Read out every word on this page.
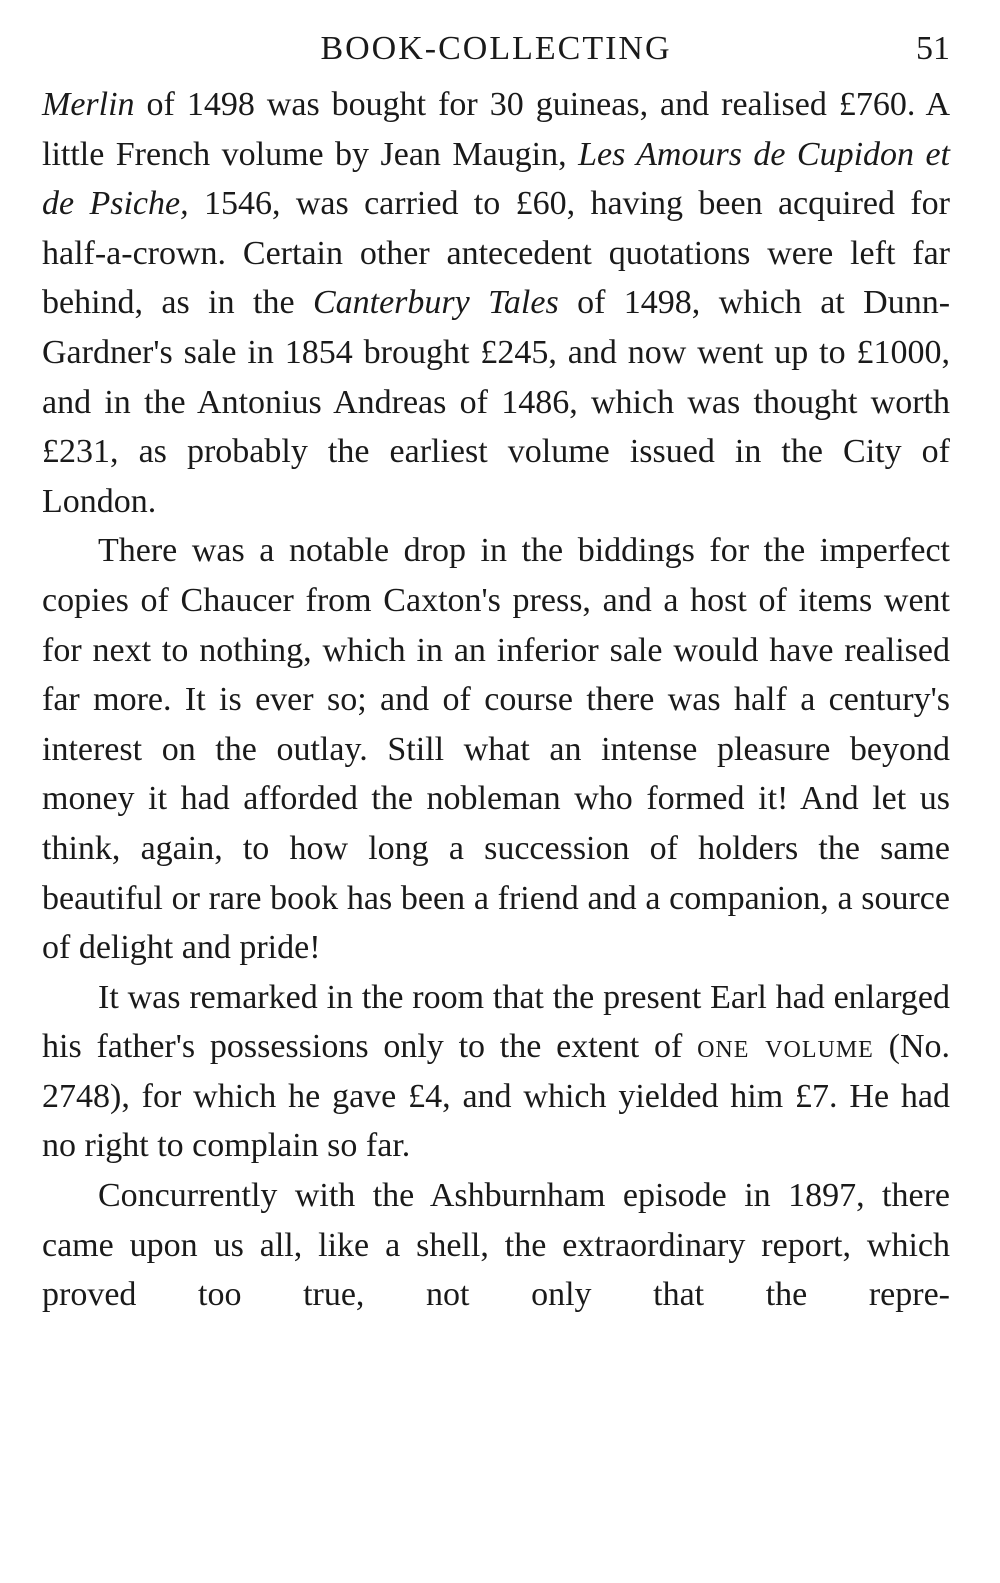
BOOK-COLLECTING	51

Merlin of 1498 was bought for 30 guineas, and realised £760. A little French volume by Jean Maugin, Les Amours de Cupidon et de Psiche, 1546, was carried to £60, having been acquired for half-a-crown. Certain other antecedent quotations were left far behind, as in the Canterbury Tales of 1498, which at Dunn-Gardner's sale in 1854 brought £245, and now went up to £1000, and in the Antonius Andreas of 1486, which was thought worth £231, as probably the earliest volume issued in the City of London.

There was a notable drop in the biddings for the imperfect copies of Chaucer from Caxton's press, and a host of items went for next to nothing, which in an inferior sale would have realised far more. It is ever so; and of course there was half a century's interest on the outlay. Still what an intense pleasure beyond money it had afforded the nobleman who formed it! And let us think, again, to how long a succession of holders the same beautiful or rare book has been a friend and a companion, a source of delight and pride!

It was remarked in the room that the present Earl had enlarged his father's possessions only to the extent of one volume (No. 2748), for which he gave £4, and which yielded him £7. He had no right to complain so far.

Concurrently with the Ashburnham episode in 1897, there came upon us all, like a shell, the extraordinary report, which proved too true, not only that the repre-
